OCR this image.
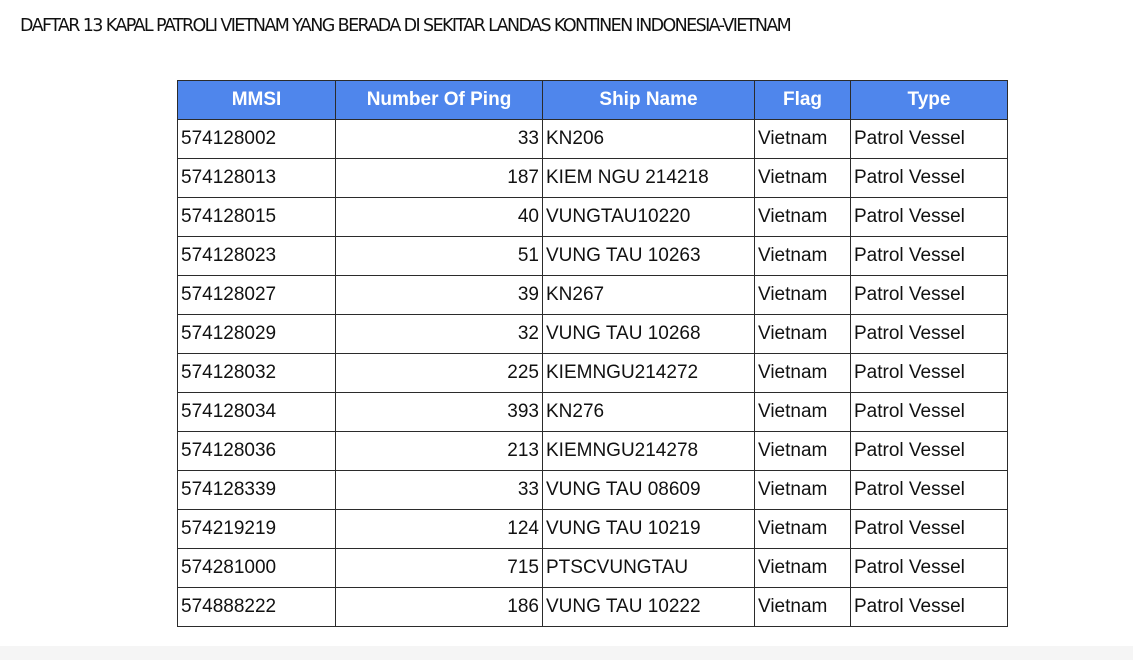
DAFTAR 13 KAPAL PATROLI VIETNAM YANG BERADA DI SEKITAR LANDAS KONTINEN INDONESIA-VIETNAM
MMSI	Number Of Ping	Ship Name	Flag	Type
574128002	33	KN206	Vietnam	Patrol Vessel
574128013	187	KIEM NGU 214218	Vietnam	Patrol Vessel
574128015	40	VUNGTAU10220	Vietnam	Patrol Vessel
574128023	51	VUNG TAU 10263	Vietnam	Patrol Vessel
574128027	39	KN267	Vietnam	Patrol Vessel
574128029	32	VUNG TAU 10268	Vietnam	Patrol Vessel
574128032	225	KIEMNGU214272	Vietnam	Patrol Vessel
574128034	393	KN276	Vietnam	Patrol Vessel
574128036	213	KIEMNGU214278	Vietnam	Patrol Vessel
574128339	33	VUNG TAU 08609	Vietnam	Patrol Vessel
574219219	124	VUNG TAU 10219	Vietnam	Patrol Vessel
574281000	715	PTSCVUNGTAU	Vietnam	Patrol Vessel
574888222	186	VUNG TAU 10222	Vietnam	Patrol Vessel
